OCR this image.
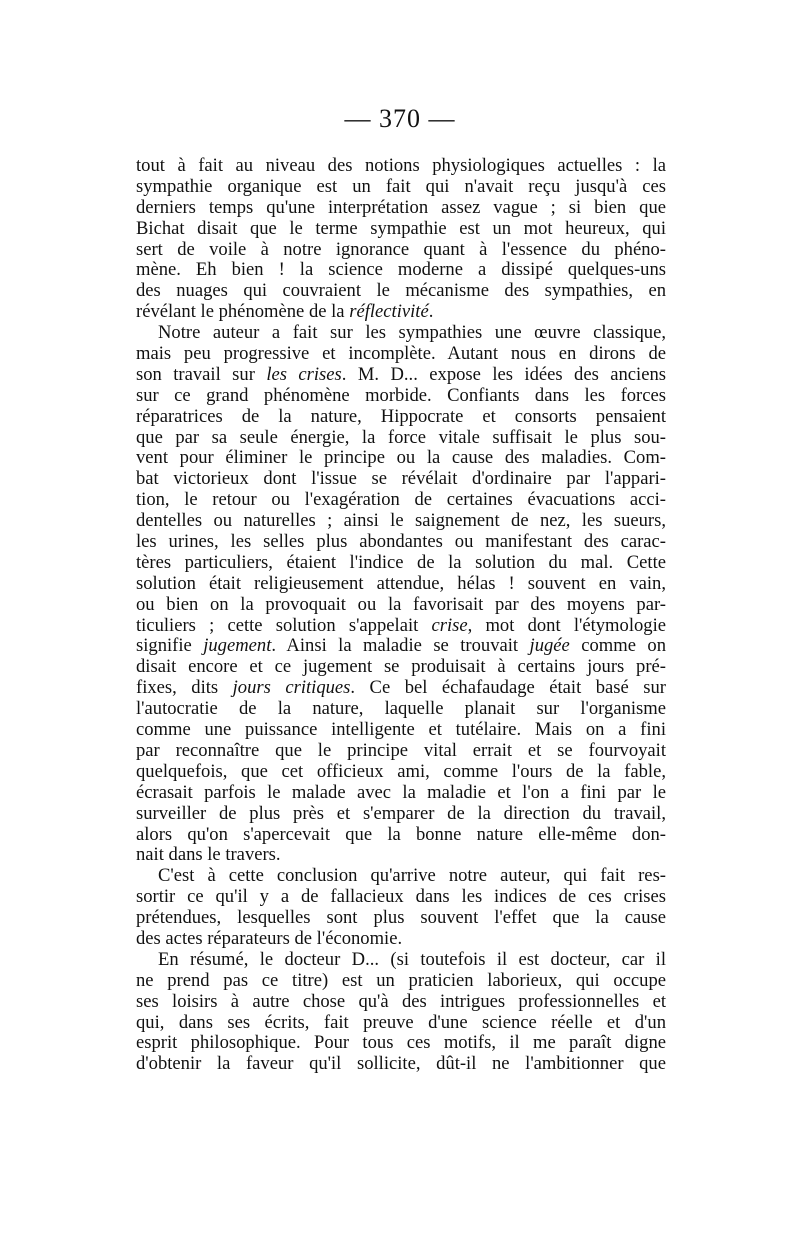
— 370 —
tout à fait au niveau des notions physiologiques actuelles : la
sympathie organique est un fait qui n'avait reçu jusqu'à ces
derniers temps qu'une interprétation assez vague ; si bien que
Bichat disait que le terme sympathie est un mot heureux, qui
sert de voile à notre ignorance quant à l'essence du phéno-
mène. Eh bien ! la science moderne a dissipé quelques-uns
des nuages qui couvraient le mécanisme des sympathies, en
révélant le phénomène de la réflectivité.
Notre auteur a fait sur les sympathies une œuvre classique,
mais peu progressive et incomplète. Autant nous en dirons de
son travail sur les crises. M. D... expose les idées des anciens
sur ce grand phénomène morbide. Confiants dans les forces
réparatrices de la nature, Hippocrate et consorts pensaient
que par sa seule énergie, la force vitale suffisait le plus sou-
vent pour éliminer le principe ou la cause des maladies. Com-
bat victorieux dont l'issue se révélait d'ordinaire par l'appari-
tion, le retour ou l'exagération de certaines évacuations acci-
dentelles ou naturelles ; ainsi le saignement de nez, les sueurs,
les urines, les selles plus abondantes ou manifestant des carac-
tères particuliers, étaient l'indice de la solution du mal. Cette
solution était religieusement attendue, hélas ! souvent en vain,
ou bien on la provoquait ou la favorisait par des moyens par-
ticuliers ; cette solution s'appelait crise, mot dont l'étymologie
signifie jugement. Ainsi la maladie se trouvait jugée comme on
disait encore et ce jugement se produisait à certains jours pré-
fixes, dits jours critiques. Ce bel échafaudage était basé sur
l'autocratie de la nature, laquelle planait sur l'organisme
comme une puissance intelligente et tutélaire. Mais on a fini
par reconnaître que le principe vital errait et se fourvoyait
quelquefois, que cet officieux ami, comme l'ours de la fable,
écrasait parfois le malade avec la maladie et l'on a fini par le
surveiller de plus près et s'emparer de la direction du travail,
alors qu'on s'apercevait que la bonne nature elle-même don-
nait dans le travers.
C'est à cette conclusion qu'arrive notre auteur, qui fait res-
sortir ce qu'il y a de fallacieux dans les indices de ces crises
prétendues, lesquelles sont plus souvent l'effet que la cause
des actes réparateurs de l'économie.
En résumé, le docteur D... (si toutefois il est docteur, car il
ne prend pas ce titre) est un praticien laborieux, qui occupe
ses loisirs à autre chose qu'à des intrigues professionnelles et
qui, dans ses écrits, fait preuve d'une science réelle et d'un
esprit philosophique. Pour tous ces motifs, il me paraît digne
d'obtenir la faveur qu'il sollicite, dût-il ne l'ambitionner que
